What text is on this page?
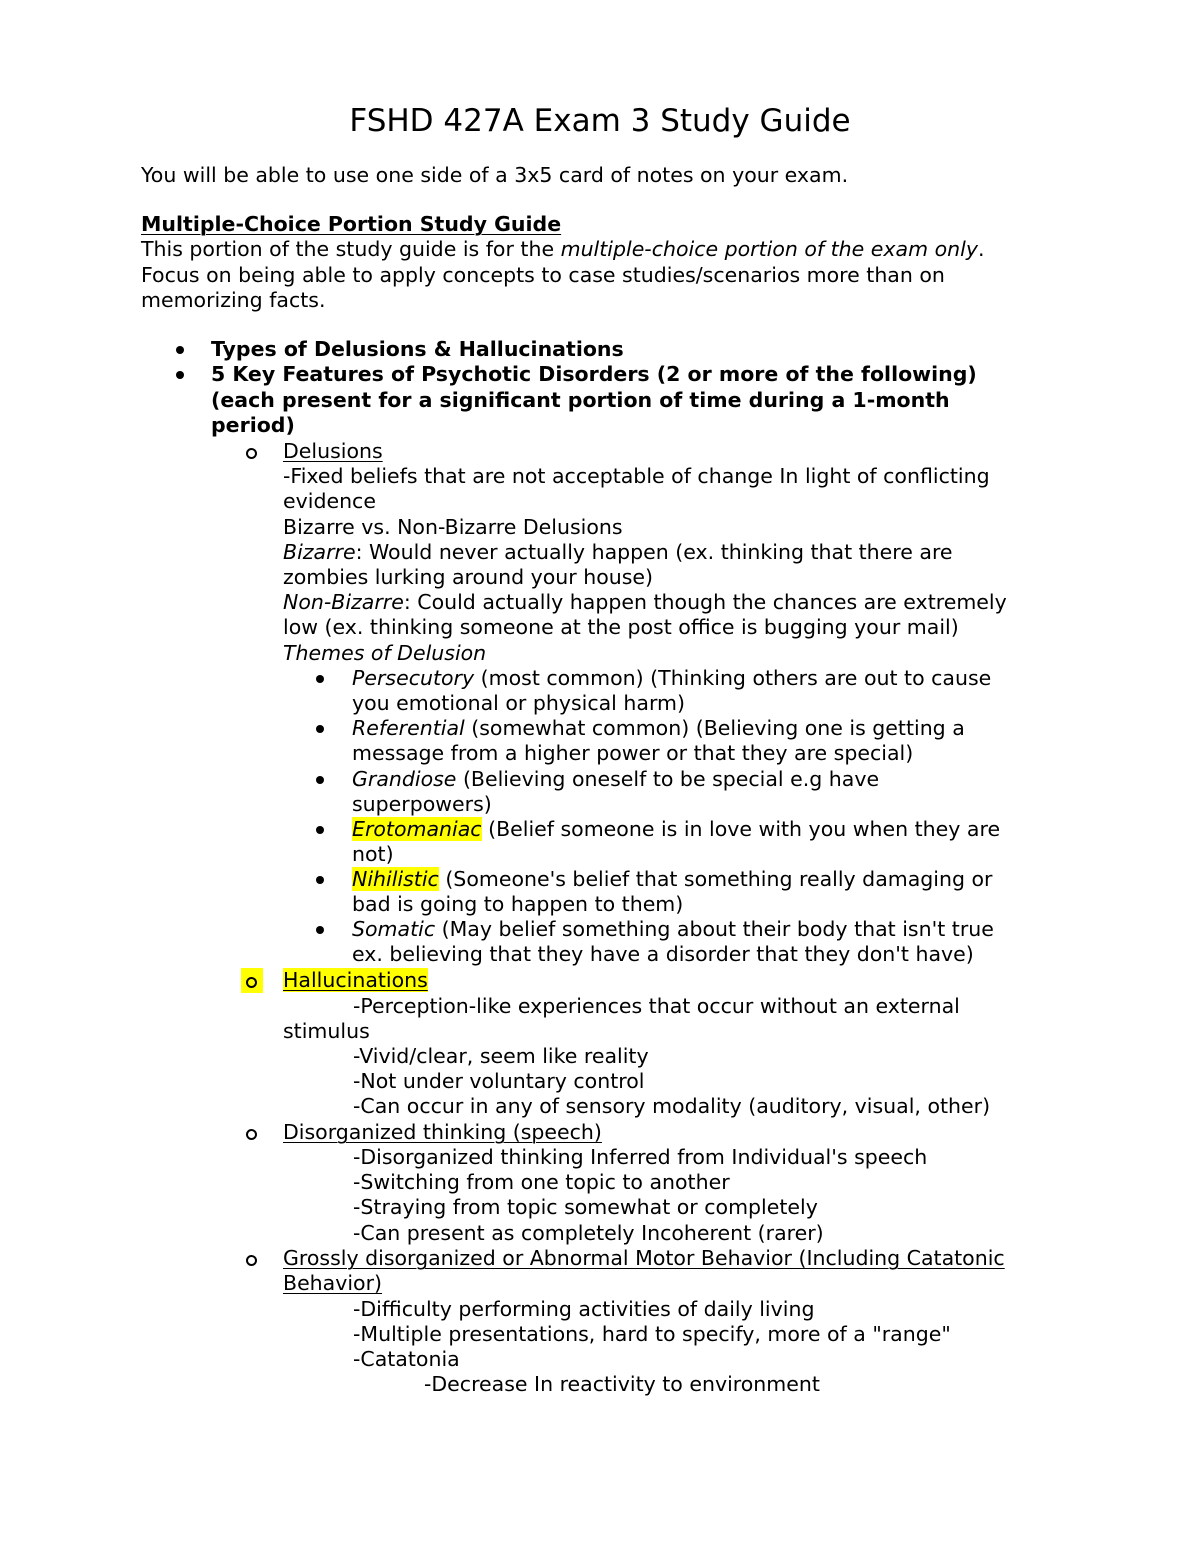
FSHD 427A Exam 3 Study Guide
You will be able to use one side of a 3x5 card of notes on your exam.
Multiple-Choice Portion Study Guide
This portion of the study guide is for the multiple-choice portion of the exam only.
Focus on being able to apply concepts to case studies/scenarios more than on
memorizing facts.
Types of Delusions & Hallucinations
5 Key Features of Psychotic Disorders (2 or more of the following)
(each present for a significant portion of time during a 1-month
period)
Delusions
-Fixed beliefs that are not acceptable of change In light of conflicting
evidence
Bizarre vs. Non-Bizarre Delusions
Bizarre: Would never actually happen (ex. thinking that there are
zombies lurking around your house)
Non-Bizarre: Could actually happen though the chances are extremely
low (ex. thinking someone at the post office is bugging your mail)
Themes of Delusion
Persecutory (most common) (Thinking others are out to cause
you emotional or physical harm)
Referential (somewhat common) (Believing one is getting a
message from a higher power or that they are special)
Grandiose (Believing oneself to be special e.g have
superpowers)
Erotomaniac (Belief someone is in love with you when they are
not)
Nihilistic (Someone's belief that something really damaging or
bad is going to happen to them)
Somatic (May belief something about their body that isn't true
ex. believing that they have a disorder that they don't have)
Hallucinations
-Perception-like experiences that occur without an external
stimulus
-Vivid/clear, seem like reality
-Not under voluntary control
-Can occur in any of sensory modality (auditory, visual, other)
Disorganized thinking (speech)
-Disorganized thinking Inferred from Individual's speech
-Switching from one topic to another
-Straying from topic somewhat or completely
-Can present as completely Incoherent (rarer)
Grossly disorganized or Abnormal Motor Behavior (Including Catatonic
Behavior)
-Difficulty performing activities of daily living
-Multiple presentations, hard to specify, more of a "range"
-Catatonia
-Decrease In reactivity to environment
